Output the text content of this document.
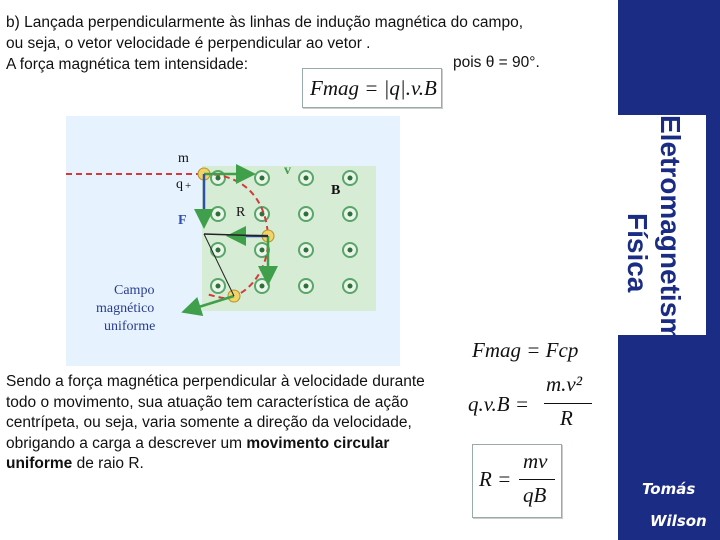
b) Lançada perpendicularmente às linhas de indução magnética do campo,
ou seja, o vetor velocidade é perpendicular ao vetor .
A força magnética tem intensidade:	pois θ = 90°.
Fmag = |q|.v.B
m
q +
v
B
F
R
Campo
magnético
uniforme
Sendo a força magnética perpendicular à velocidade durante todo o movimento, sua atuação tem característica de ação centrípeta, ou seja, varia somente a direção da velocidade, obrigando a carga a descrever um movimento circular uniforme de raio R.
Fmag = Fcp
q.v.B =
m.v²
R
R =
mv
qB
Eletromagnetismo
Física
Tomás
Wilson
